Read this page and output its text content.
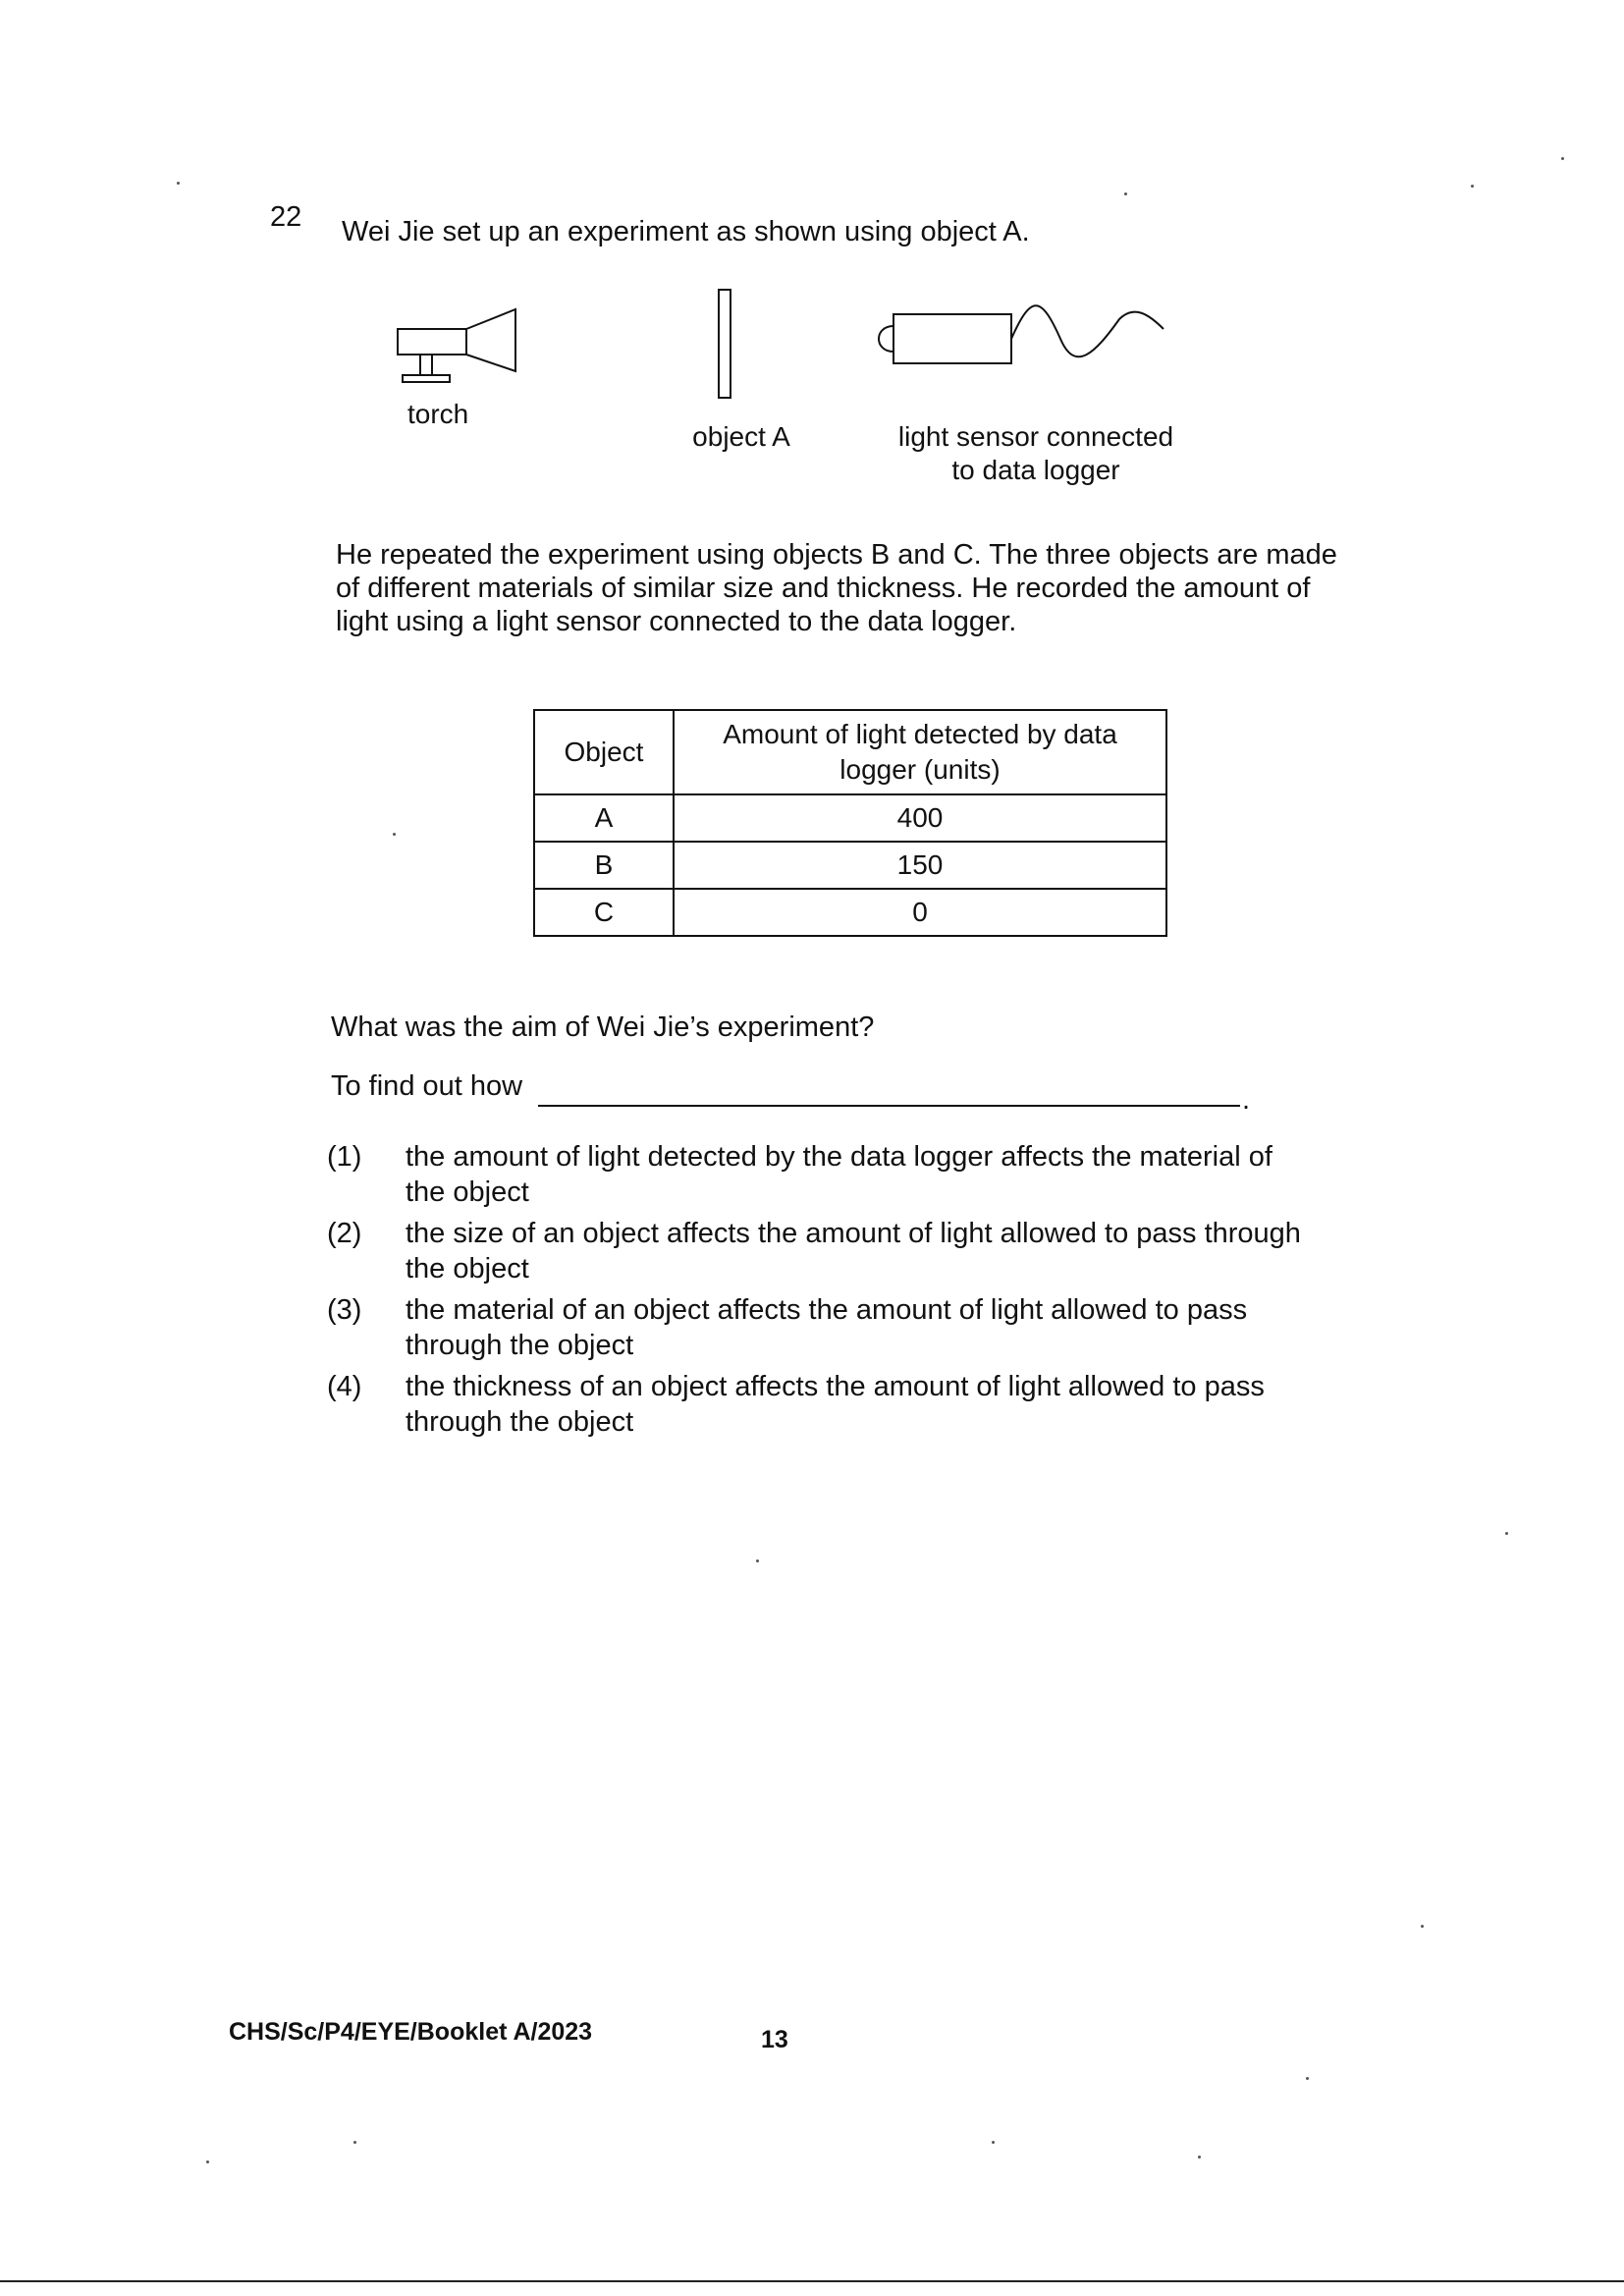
22 Wei Jie set up an experiment as shown using object A.
torch
object A	light sensor connected
to data logger
He repeated the experiment using objects B and C. The three objects are made of different materials of similar size and thickness. He recorded the amount of light using a light sensor connected to the data logger.
Object	Amount of light detected by data logger (units)
A	400
B	150
C	0
What was the aim of Wei Jie’s experiment?
To find out how	.
(1)	the amount of light detected by the data logger affects the material of the object
(2)	the size of an object affects the amount of light allowed to pass through the object
(3)	the material of an object affects the amount of light allowed to pass through the object
(4)	the thickness of an object affects the amount of light allowed to pass through the object
CHS/Sc/P4/EYE/Booklet A/2023	13
